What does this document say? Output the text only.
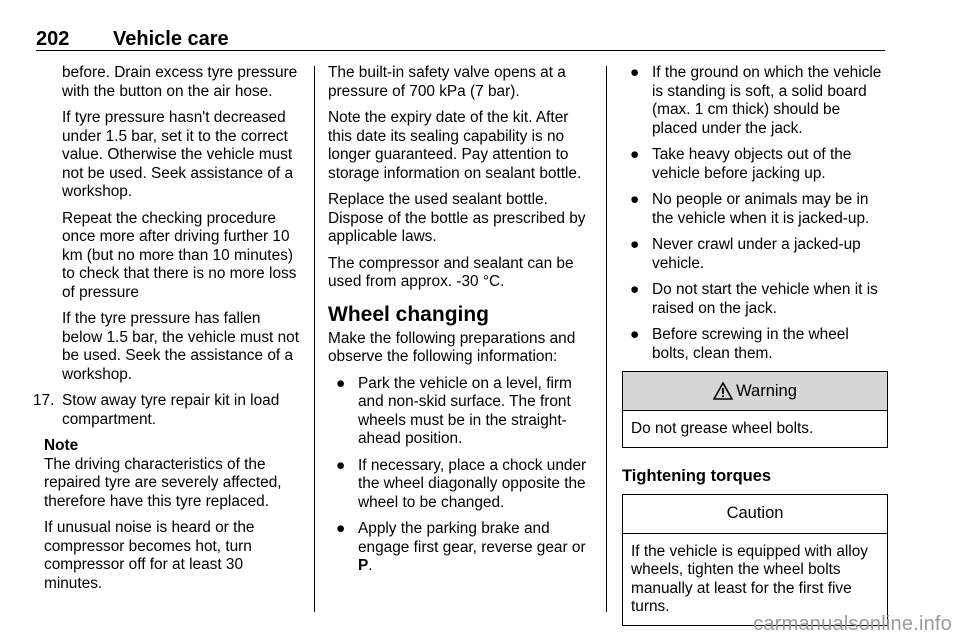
202 Vehicle care

before. Drain excess tyre pressure with the button on the air hose.

If tyre pressure hasn't decreased under 1.5 bar, set it to the correct value. Otherwise the vehicle must not be used. Seek assistance of a workshop.

Repeat the checking procedure once more after driving further 10 km (but no more than 10 minutes) to check that there is no more loss of pressure

If the tyre pressure has fallen below 1.5 bar, the vehicle must not be used. Seek the assistance of a workshop.

17. Stow away tyre repair kit in load compartment.

Note

The driving characteristics of the repaired tyre are severely affected, therefore have this tyre replaced.

If unusual noise is heard or the compressor becomes hot, turn compressor off for at least 30 minutes.

The built-in safety valve opens at a pressure of 700 kPa (7 bar).

Note the expiry date of the kit. After this date its sealing capability is no longer guaranteed. Pay attention to storage information on sealant bottle.

Replace the used sealant bottle. Dispose of the bottle as prescribed by applicable laws.

The compressor and sealant can be used from approx. -30 °C.

Wheel changing

Make the following preparations and observe the following information:

● Park the vehicle on a level, firm and non-skid surface. The front wheels must be in the straight-ahead position.
● If necessary, place a chock under the wheel diagonally opposite the wheel to be changed.
● Apply the parking brake and engage first gear, reverse gear or P.
● If the ground on which the vehicle is standing is soft, a solid board (max. 1 cm thick) should be placed under the jack.
● Take heavy objects out of the vehicle before jacking up.
● No people or animals may be in the vehicle when it is jacked-up.
● Never crawl under a jacked-up vehicle.
● Do not start the vehicle when it is raised on the jack.
● Before screwing in the wheel bolts, clean them.
Warning
Do not grease wheel bolts.
Tightening torques
Caution
If the vehicle is equipped with alloy wheels, tighten the wheel bolts manually at least for the first five turns.
carmanualsonline.info
